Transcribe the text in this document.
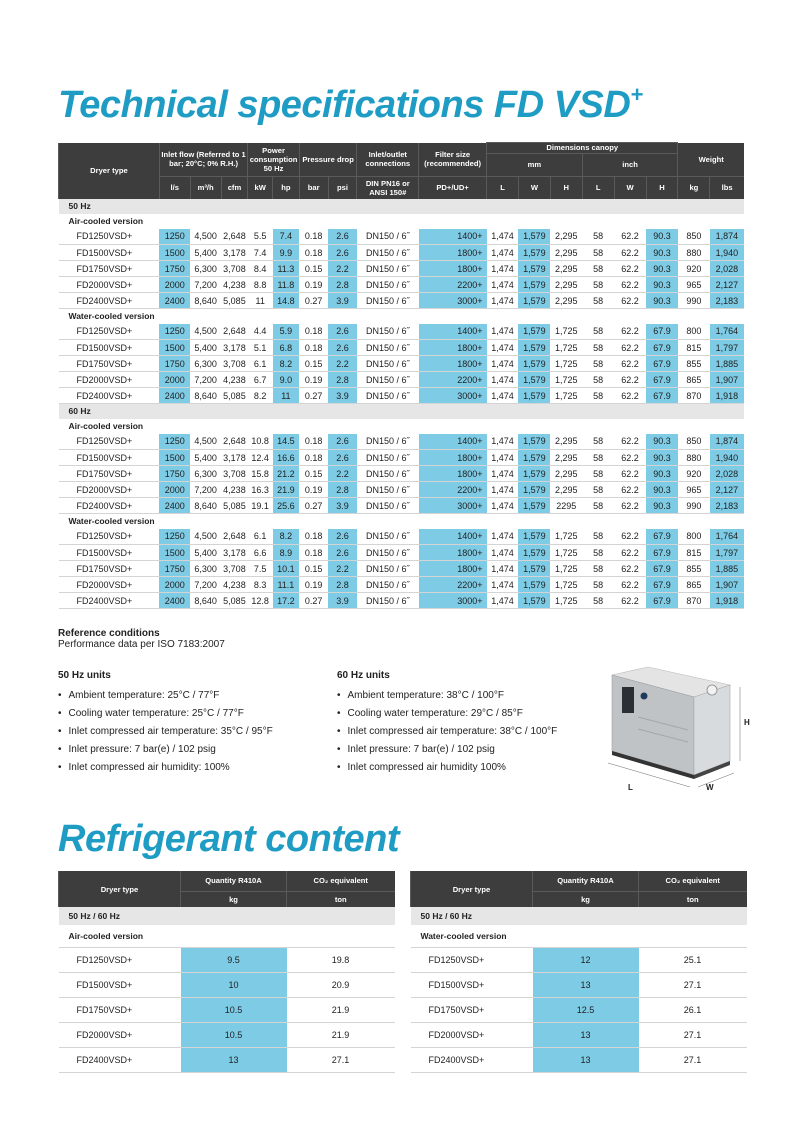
Technical specifications FD VSD+
Dryer type	Inlet flow (Referred to 1 bar; 20°C; 0% R.H.)			Power consumption 50 Hz		Pressure drop		Inlet/outlet connections	Filter size (recommended)	Dimensions canopy						Weight	
										mm			inch				
	l/s	m³/h	cfm	kW	hp	bar	psi	DIN PN16 or ANSI 150#	PD+/UD+	L	W	H	L	W	H	kg	lbs
50 Hz																	
Air-cooled version																	
FD1250VSD+	1250	4,500	2,648	5.5	7.4	0.18	2.6	DN150 / 6˝	1400+	1,474	1,579	2,295	58	62.2	90.3	850	1,874
FD1500VSD+	1500	5,400	3,178	7.4	9.9	0.18	2.6	DN150 / 6˝	1800+	1,474	1,579	2,295	58	62.2	90.3	880	1,940
FD1750VSD+	1750	6,300	3,708	8.4	11.3	0.15	2.2	DN150 / 6˝	1800+	1,474	1,579	2,295	58	62.2	90.3	920	2,028
FD2000VSD+	2000	7,200	4,238	8.8	11.8	0.19	2.8	DN150 / 6˝	2200+	1,474	1,579	2,295	58	62.2	90.3	965	2,127
FD2400VSD+	2400	8,640	5,085	11	14.8	0.27	3.9	DN150 / 6˝	3000+	1,474	1,579	2,295	58	62.2	90.3	990	2,183
Water-cooled version																	
FD1250VSD+	1250	4,500	2,648	4.4	5.9	0.18	2.6	DN150 / 6˝	1400+	1,474	1,579	1,725	58	62.2	67.9	800	1,764
FD1500VSD+	1500	5,400	3,178	5.1	6.8	0.18	2.6	DN150 / 6˝	1800+	1,474	1,579	1,725	58	62.2	67.9	815	1,797
FD1750VSD+	1750	6,300	3,708	6.1	8.2	0.15	2.2	DN150 / 6˝	1800+	1,474	1,579	1,725	58	62.2	67.9	855	1,885
FD2000VSD+	2000	7,200	4,238	6.7	9.0	0.19	2.8	DN150 / 6˝	2200+	1,474	1,579	1,725	58	62.2	67.9	865	1,907
FD2400VSD+	2400	8,640	5,085	8.2	11	0.27	3.9	DN150 / 6˝	3000+	1,474	1,579	1,725	58	62.2	67.9	870	1,918
60 Hz																	
Air-cooled version																	
FD1250VSD+	1250	4,500	2,648	10.8	14.5	0.18	2.6	DN150 / 6˝	1400+	1,474	1,579	2,295	58	62.2	90.3	850	1,874
FD1500VSD+	1500	5,400	3,178	12.4	16.6	0.18	2.6	DN150 / 6˝	1800+	1,474	1,579	2,295	58	62.2	90.3	880	1,940
FD1750VSD+	1750	6,300	3,708	15.8	21.2	0.15	2.2	DN150 / 6˝	1800+	1,474	1,579	2,295	58	62.2	90.3	920	2,028
FD2000VSD+	2000	7,200	4,238	16.3	21.9	0.19	2.8	DN150 / 6˝	2200+	1,474	1,579	2,295	58	62.2	90.3	965	2,127
FD2400VSD+	2400	8,640	5,085	19.1	25.6	0.27	3.9	DN150 / 6˝	3000+	1,474	1,579	2295	58	62.2	90.3	990	2,183
Water-cooled version																	
FD1250VSD+	1250	4,500	2,648	6.1	8.2	0.18	2.6	DN150 / 6˝	1400+	1,474	1,579	1,725	58	62.2	67.9	800	1,764
FD1500VSD+	1500	5,400	3,178	6.6	8.9	0.18	2.6	DN150 / 6˝	1800+	1,474	1,579	1,725	58	62.2	67.9	815	1,797
FD1750VSD+	1750	6,300	3,708	7.5	10.1	0.15	2.2	DN150 / 6˝	1800+	1,474	1,579	1,725	58	62.2	67.9	855	1,885
FD2000VSD+	2000	7,200	4,238	8.3	11.1	0.19	2.8	DN150 / 6˝	2200+	1,474	1,579	1,725	58	62.2	67.9	865	1,907
FD2400VSD+	2400	8,640	5,085	12.8	17.2	0.27	3.9	DN150 / 6˝	3000+	1,474	1,579	1,725	58	62.2	67.9	870	1,918
Reference conditions
Performance data per ISO 7183:2007
50 Hz units
• Ambient temperature: 25°C / 77°F
• Cooling water temperature: 25°C / 77°F
• Inlet compressed air temperature: 35°C / 95°F
• Inlet pressure: 7 bar(e) / 102 psig
• Inlet compressed air humidity: 100%
60 Hz units
• Ambient temperature: 38°C / 100°F
• Cooling water temperature: 29°C / 85°F
• Inlet compressed air temperature: 38°C / 100°F
• Inlet pressure: 7 bar(e) / 102 psig
• Inlet compressed air humidity 100%
H
L	W
Refrigerant content
Dryer type	Quantity R410A	CO₂ equivalent
	kg	ton
50 Hz / 60 Hz		
Air-cooled version		
FD1250VSD+	9.5	19.8
FD1500VSD+	10	20.9
FD1750VSD+	10.5	21.9
FD2000VSD+	10.5	21.9
FD2400VSD+	13	27.1
Dryer type	Quantity R410A	CO₂ equivalent
	kg	ton
50 Hz / 60 Hz		
Water-cooled version		
FD1250VSD+	12	25.1
FD1500VSD+	13	27.1
FD1750VSD+	12.5	26.1
FD2000VSD+	13	27.1
FD2400VSD+	13	27.1
